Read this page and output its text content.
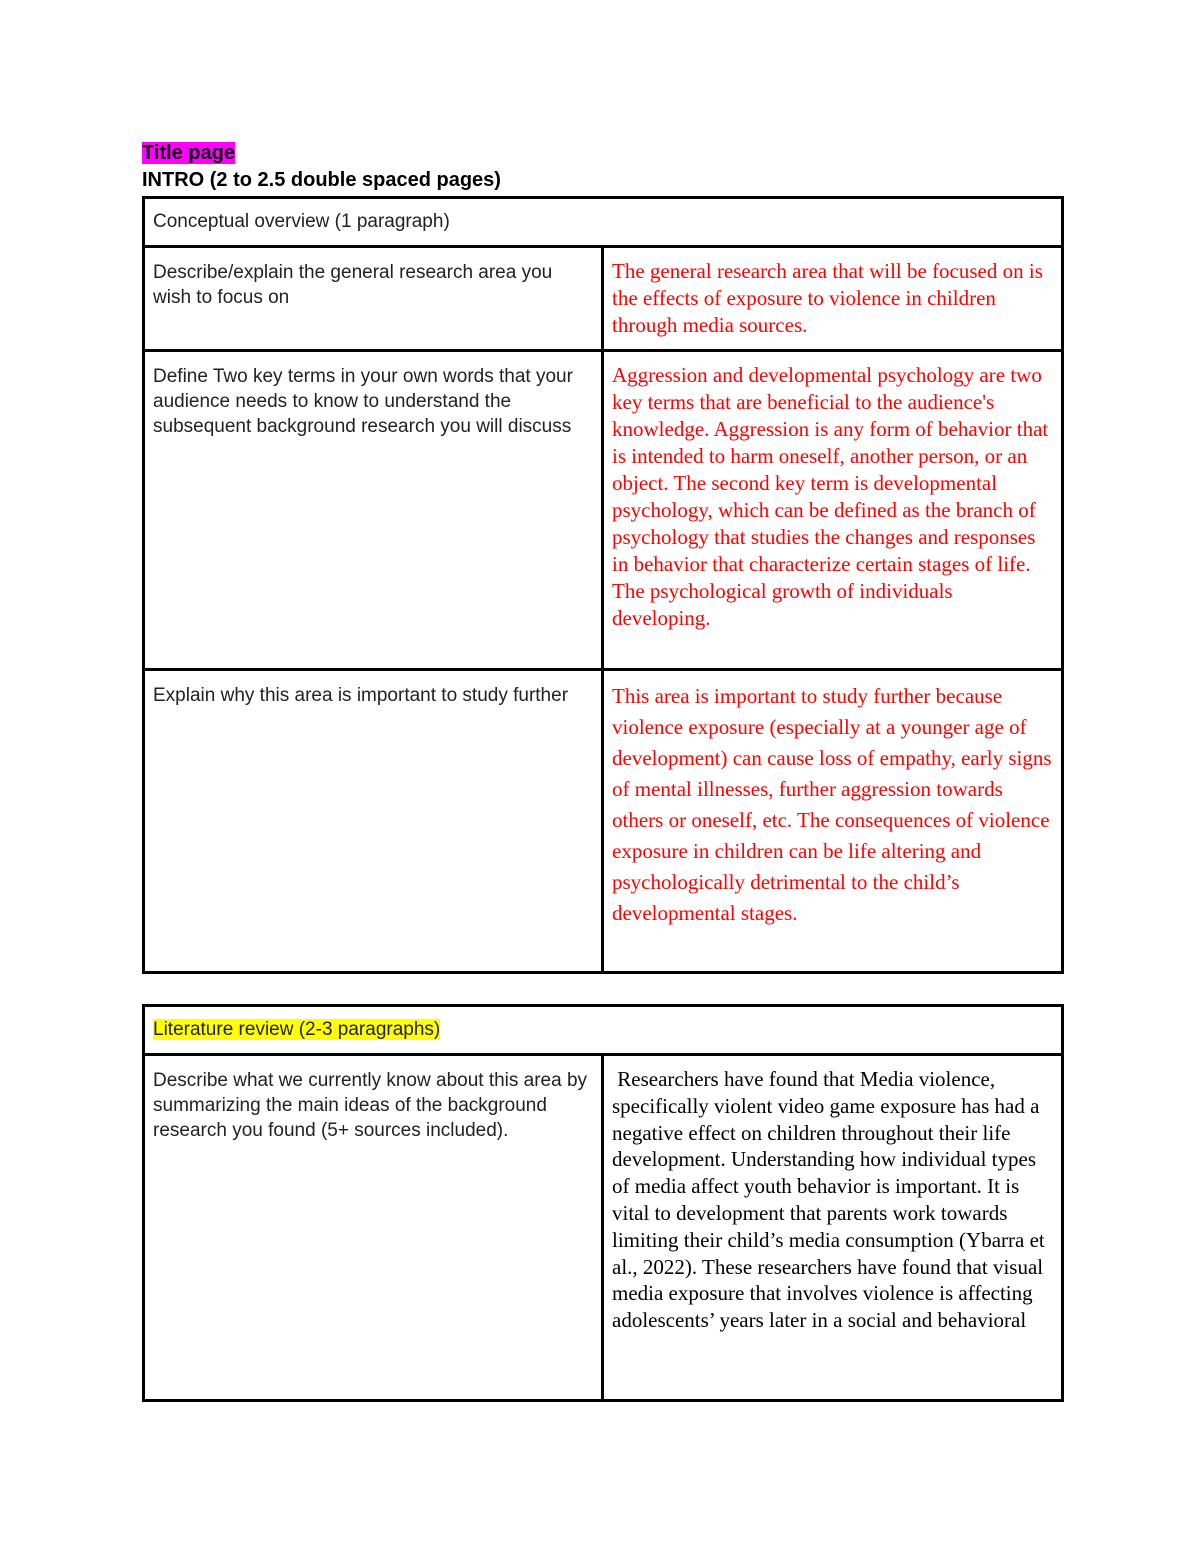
Title page

INTRO (2 to 2.5 double spaced pages)

Conceptual overview (1 paragraph)	
Describe/explain the general research area you wish to focus on	The general research area that will be focused on is the effects of exposure to violence in children through media sources.
Define Two key terms in your own words that your audience needs to know to understand the subsequent background research you will discuss	Aggression and developmental psychology are two key terms that are beneficial to the audience's knowledge. Aggression is any form of behavior that is intended to harm oneself, another person, or an object. The second key term is developmental psychology, which can be defined as the branch of psychology that studies the changes and responses in behavior that characterize certain stages of life. The psychological growth of individuals developing.
Explain why this area is important to study further	This area is important to study further because violence exposure (especially at a younger age of development) can cause loss of empathy, early signs of mental illnesses, further aggression towards others or oneself, etc. The consequences of violence exposure in children can be life altering and psychologically detrimental to the child’s developmental stages.
Literature review (2-3 paragraphs)
Describe what we currently know about this area by summarizing the main ideas of the background research you found (5+ sources included).	Researchers have found that Media violence, specifically violent video game exposure has had a negative effect on children throughout their life development. Understanding how individual types of media affect youth behavior is important. It is vital to development that parents work towards limiting their child’s media consumption (Ybarra et al., 2022). These researchers have found that visual media exposure that involves violence is affecting adolescents’ years later in a social and behavioral
